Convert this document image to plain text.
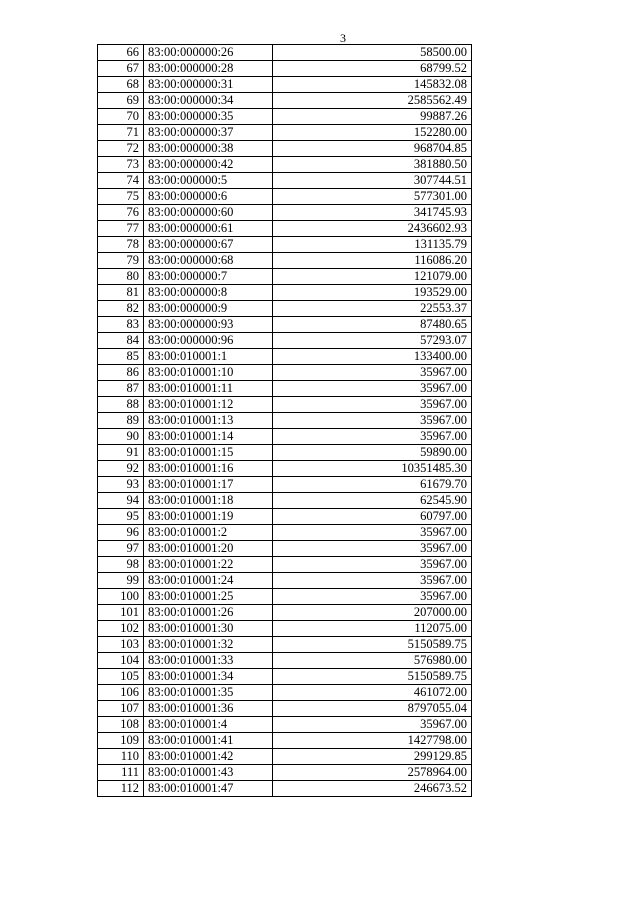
3
66	83:00:000000:26	58500.00
67	83:00:000000:28	68799.52
68	83:00:000000:31	145832.08
69	83:00:000000:34	2585562.49
70	83:00:000000:35	99887.26
71	83:00:000000:37	152280.00
72	83:00:000000:38	968704.85
73	83:00:000000:42	381880.50
74	83:00:000000:5	307744.51
75	83:00:000000:6	577301.00
76	83:00:000000:60	341745.93
77	83:00:000000:61	2436602.93
78	83:00:000000:67	131135.79
79	83:00:000000:68	116086.20
80	83:00:000000:7	121079.00
81	83:00:000000:8	193529.00
82	83:00:000000:9	22553.37
83	83:00:000000:93	87480.65
84	83:00:000000:96	57293.07
85	83:00:010001:1	133400.00
86	83:00:010001:10	35967.00
87	83:00:010001:11	35967.00
88	83:00:010001:12	35967.00
89	83:00:010001:13	35967.00
90	83:00:010001:14	35967.00
91	83:00:010001:15	59890.00
92	83:00:010001:16	10351485.30
93	83:00:010001:17	61679.70
94	83:00:010001:18	62545.90
95	83:00:010001:19	60797.00
96	83:00:010001:2	35967.00
97	83:00:010001:20	35967.00
98	83:00:010001:22	35967.00
99	83:00:010001:24	35967.00
100	83:00:010001:25	35967.00
101	83:00:010001:26	207000.00
102	83:00:010001:30	112075.00
103	83:00:010001:32	5150589.75
104	83:00:010001:33	576980.00
105	83:00:010001:34	5150589.75
106	83:00:010001:35	461072.00
107	83:00:010001:36	8797055.04
108	83:00:010001:4	35967.00
109	83:00:010001:41	1427798.00
110	83:00:010001:42	299129.85
111	83:00:010001:43	2578964.00
112	83:00:010001:47	246673.52
